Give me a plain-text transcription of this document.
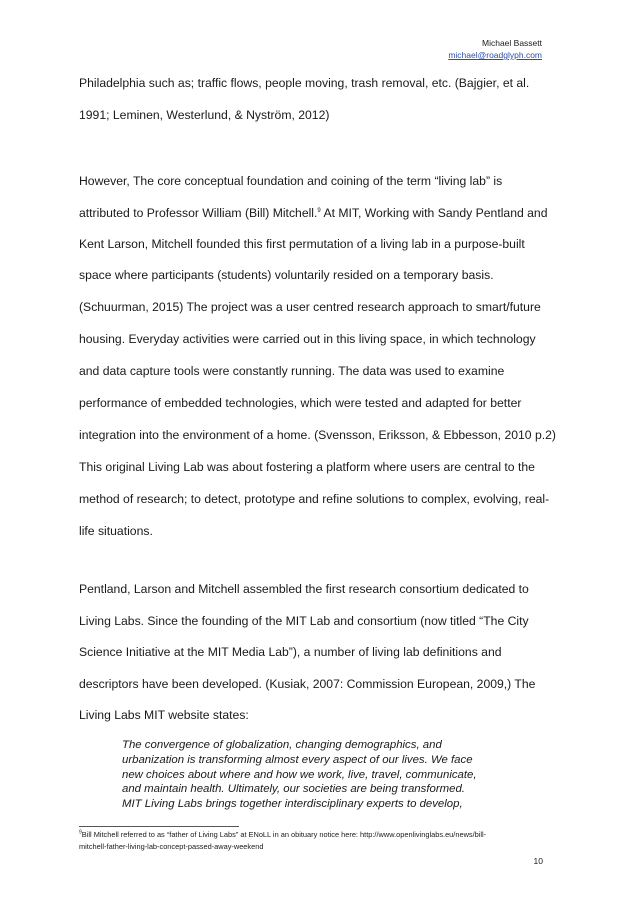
Michael Bassett
michael@roadglyph.com
Philadelphia such as; traffic flows, people moving, trash removal, etc. (Bajgier, et al.
1991; Leminen, Westerlund, & Nyström, 2012)
However, The core conceptual foundation and coining of the term “living lab” is
attributed to Professor William (Bill) Mitchell.$^9$ At MIT, Working with Sandy Pentland and
Kent Larson, Mitchell founded this first permutation of a living lab in a purpose-built
space where participants (students) voluntarily resided on a temporary basis.
(Schuurman, 2015) The project was a user centred research approach to smart/future
housing. Everyday activities were carried out in this living space, in which technology
and data capture tools were constantly running. The data was used to examine
performance of embedded technologies, which were tested and adapted for better
integration into the environment of a home. (Svensson, Eriksson, & Ebbesson, 2010 p.2)
This original Living Lab was about fostering a platform where users are central to the
method of research; to detect, prototype and refine solutions to complex, evolving, real-
life situations.
Pentland, Larson and Mitchell assembled the first research consortium dedicated to
Living Labs. Since the founding of the MIT Lab and consortium (now titled “The City
Science Initiative at the MIT Media Lab”), a number of living lab definitions and
descriptors have been developed. (Kusiak, 2007: Commission European, 2009,) The
Living Labs MIT website states:
The convergence of globalization, changing demographics, and
urbanization is transforming almost every aspect of our lives. We face
new choices about where and how we work, live, travel, communicate,
and maintain health. Ultimately, our societies are being transformed.
MIT Living Labs brings together interdisciplinary experts to develop,
$^9$Bill Mitchell referred to as “father of Living Labs” at ENoLL in an obituary notice here: http://www.openlivinglabs.eu/news/bill-
mitchell-father-living-lab-concept-passed-away-weekend
10
